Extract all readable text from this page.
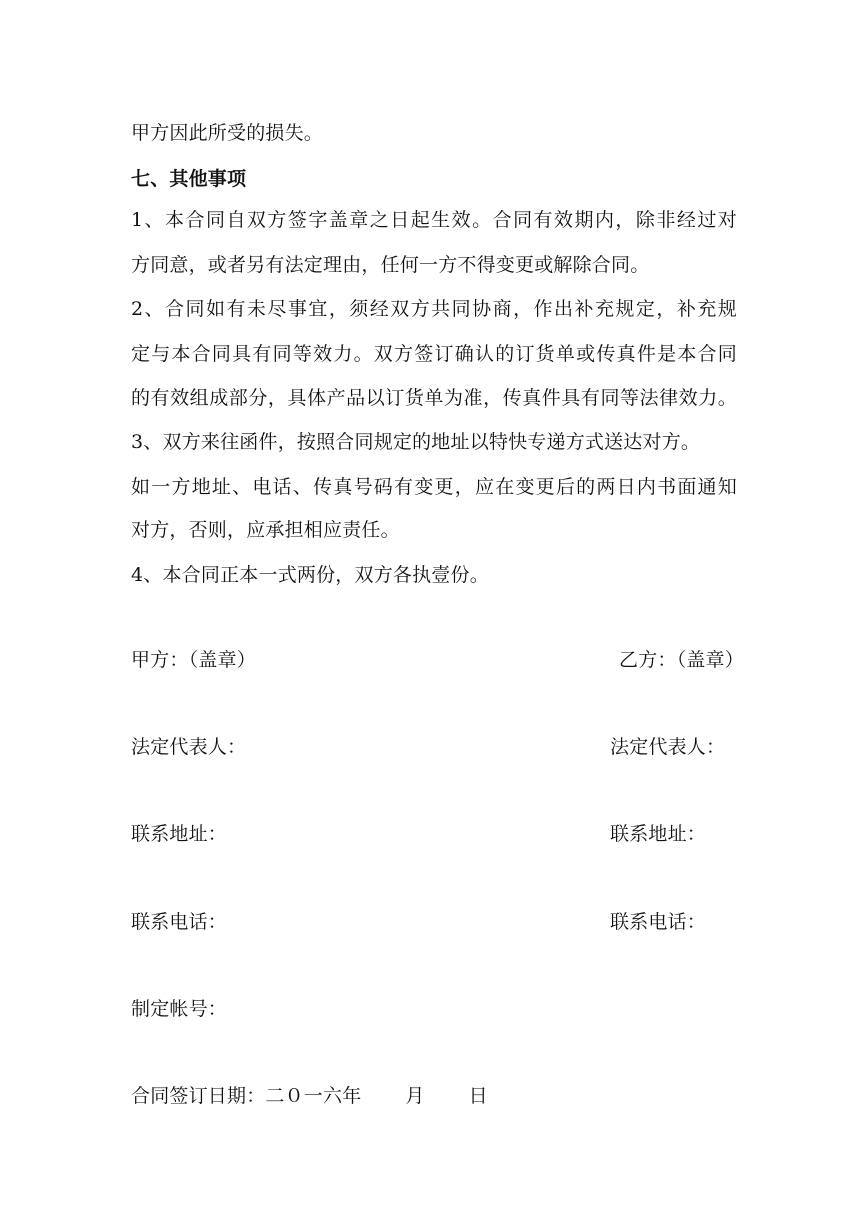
甲方因此所受的损失。
七、其他事项
1、本合同自双方签字盖章之日起生效。合同有效期内，除非经过对
方同意，或者另有法定理由，任何一方不得变更或解除合同。
2、合同如有未尽事宜，须经双方共同协商，作出补充规定，补充规
定与本合同具有同等效力。双方签订确认的订货单或传真件是本合同
的有效组成部分，具体产品以订货单为准，传真件具有同等法律效力。
3、双方来往函件，按照合同规定的地址以特快专递方式送达对方。
如一方地址、电话、传真号码有变更，应在变更后的两日内书面通知
对方，否则，应承担相应责任。
4、本合同正本一式两份，双方各执壹份。
甲方：（盖章）	乙方：（盖章）
法定代表人：	法定代表人：
联系地址：	联系地址：
联系电话：	联系电话：
制定帐号：
合同签订日期：二０一六年 月 日
